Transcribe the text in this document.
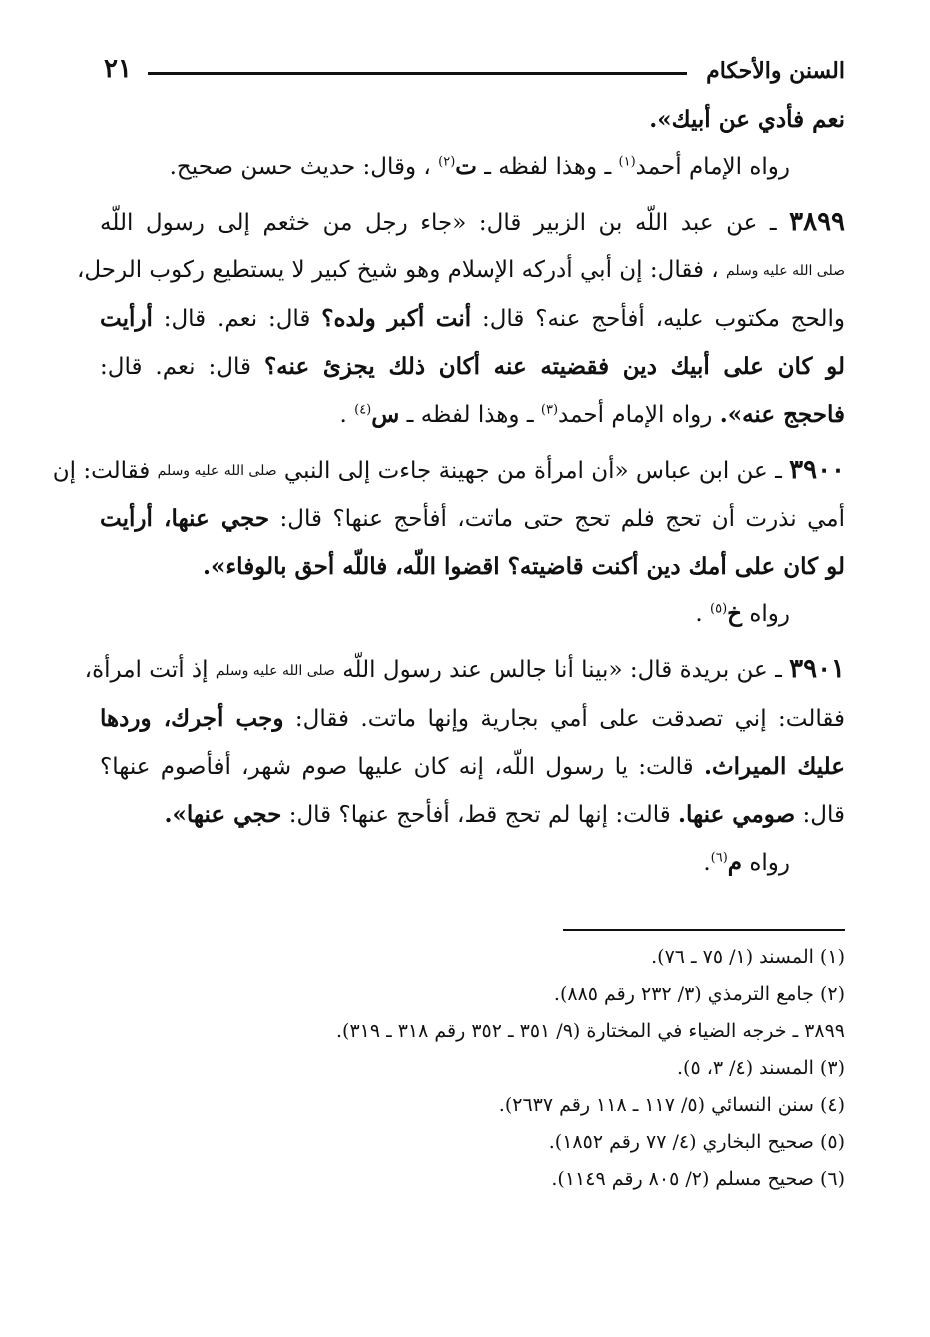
السنن والأحكام
٢١
نعم فأدي عن أبيك».
رواه الإمام أحمد$^{(١)}$ ـ وهذا لفظه ـ ت$^{(٢)}$ ، وقال: حديث حسن صحيح.
٣٨٩٩ ـ عن عبد اللّه بن الزبير قال: «جاء رجل من خثعم إلى رسول اللّه
صلى الله عليه وسلم ، فقال: إن أبي أدركه الإسلام وهو شيخ كبير لا يستطيع ركوب الرحل،
والحج مكتوب عليه، أفأحج عنه؟ قال: أنت أكبر ولده؟ قال: نعم. قال: أرأيت
لو كان على أبيك دين فقضيته عنه أكان ذلك يجزئ عنه؟ قال: نعم. قال:
فاحجج عنه». رواه الإمام أحمد$^{(٣)}$ ـ وهذا لفظه ـ س$^{(٤)}$ .
٣٩٠٠ ـ عن ابن عباس «أن امرأة من جهينة جاءت إلى النبي صلى الله عليه وسلم فقالت: إن
أمي نذرت أن تحج فلم تحج حتى ماتت، أفأحج عنها؟ قال: حجي عنها، أرأيت
لو كان على أمك دين أكنت قاضيته؟ اقضوا اللّه، فاللّه أحق بالوفاء».
رواه خ$^{(٥)}$ .
٣٩٠١ ـ عن بريدة قال: «بينا أنا جالس عند رسول اللّه صلى الله عليه وسلم إذ أتت امرأة،
فقالت: إني تصدقت على أمي بجارية وإنها ماتت. فقال: وجب أجرك، وردها
عليك الميراث. قالت: يا رسول اللّه، إنه كان عليها صوم شهر، أفأصوم عنها؟
قال: صومي عنها. قالت: إنها لم تحج قط، أفأحج عنها؟ قال: حجي عنها».
رواه م$^{(٦)}$.
(١) المسند (١/ ٧٥ ـ ٧٦).
(٢) جامع الترمذي (٣/ ٢٣٢ رقم ٨٨٥).
٣٨٩٩ ـ خرجه الضياء في المختارة (٩/ ٣٥١ ـ ٣٥٢ رقم ٣١٨ ـ ٣١٩).
(٣) المسند (٤/ ٣، ٥).
(٤) سنن النسائي (٥/ ١١٧ ـ ١١٨ رقم ٢٦٣٧).
(٥) صحيح البخاري (٤/ ٧٧ رقم ١٨٥٢).
(٦) صحيح مسلم (٢/ ٨٠٥ رقم ١١٤٩).
